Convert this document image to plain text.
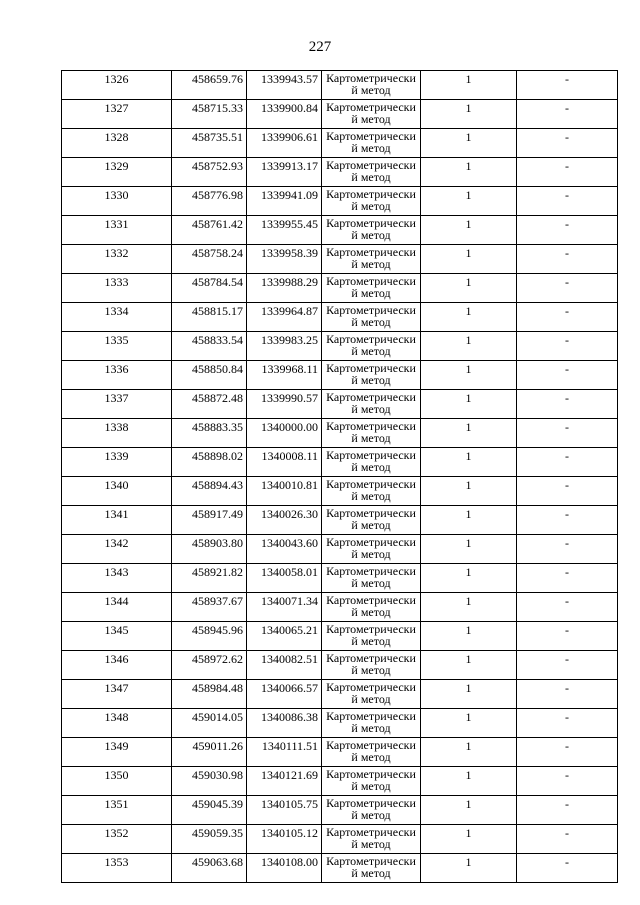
227
1326	458659.76	1339943.57	Картометрически
й метод	1	-
1327	458715.33	1339900.84	Картометрически
й метод	1	-
1328	458735.51	1339906.61	Картометрически
й метод	1	-
1329	458752.93	1339913.17	Картометрически
й метод	1	-
1330	458776.98	1339941.09	Картометрически
й метод	1	-
1331	458761.42	1339955.45	Картометрически
й метод	1	-
1332	458758.24	1339958.39	Картометрически
й метод	1	-
1333	458784.54	1339988.29	Картометрически
й метод	1	-
1334	458815.17	1339964.87	Картометрически
й метод	1	-
1335	458833.54	1339983.25	Картометрически
й метод	1	-
1336	458850.84	1339968.11	Картометрически
й метод	1	-
1337	458872.48	1339990.57	Картометрически
й метод	1	-
1338	458883.35	1340000.00	Картометрически
й метод	1	-
1339	458898.02	1340008.11	Картометрически
й метод	1	-
1340	458894.43	1340010.81	Картометрически
й метод	1	-
1341	458917.49	1340026.30	Картометрически
й метод	1	-
1342	458903.80	1340043.60	Картометрически
й метод	1	-
1343	458921.82	1340058.01	Картометрически
й метод	1	-
1344	458937.67	1340071.34	Картометрически
й метод	1	-
1345	458945.96	1340065.21	Картометрически
й метод	1	-
1346	458972.62	1340082.51	Картометрически
й метод	1	-
1347	458984.48	1340066.57	Картометрически
й метод	1	-
1348	459014.05	1340086.38	Картометрически
й метод	1	-
1349	459011.26	1340111.51	Картометрически
й метод	1	-
1350	459030.98	1340121.69	Картометрически
й метод	1	-
1351	459045.39	1340105.75	Картометрически
й метод	1	-
1352	459059.35	1340105.12	Картометрически
й метод	1	-
1353	459063.68	1340108.00	Картометрически
й метод	1	-
